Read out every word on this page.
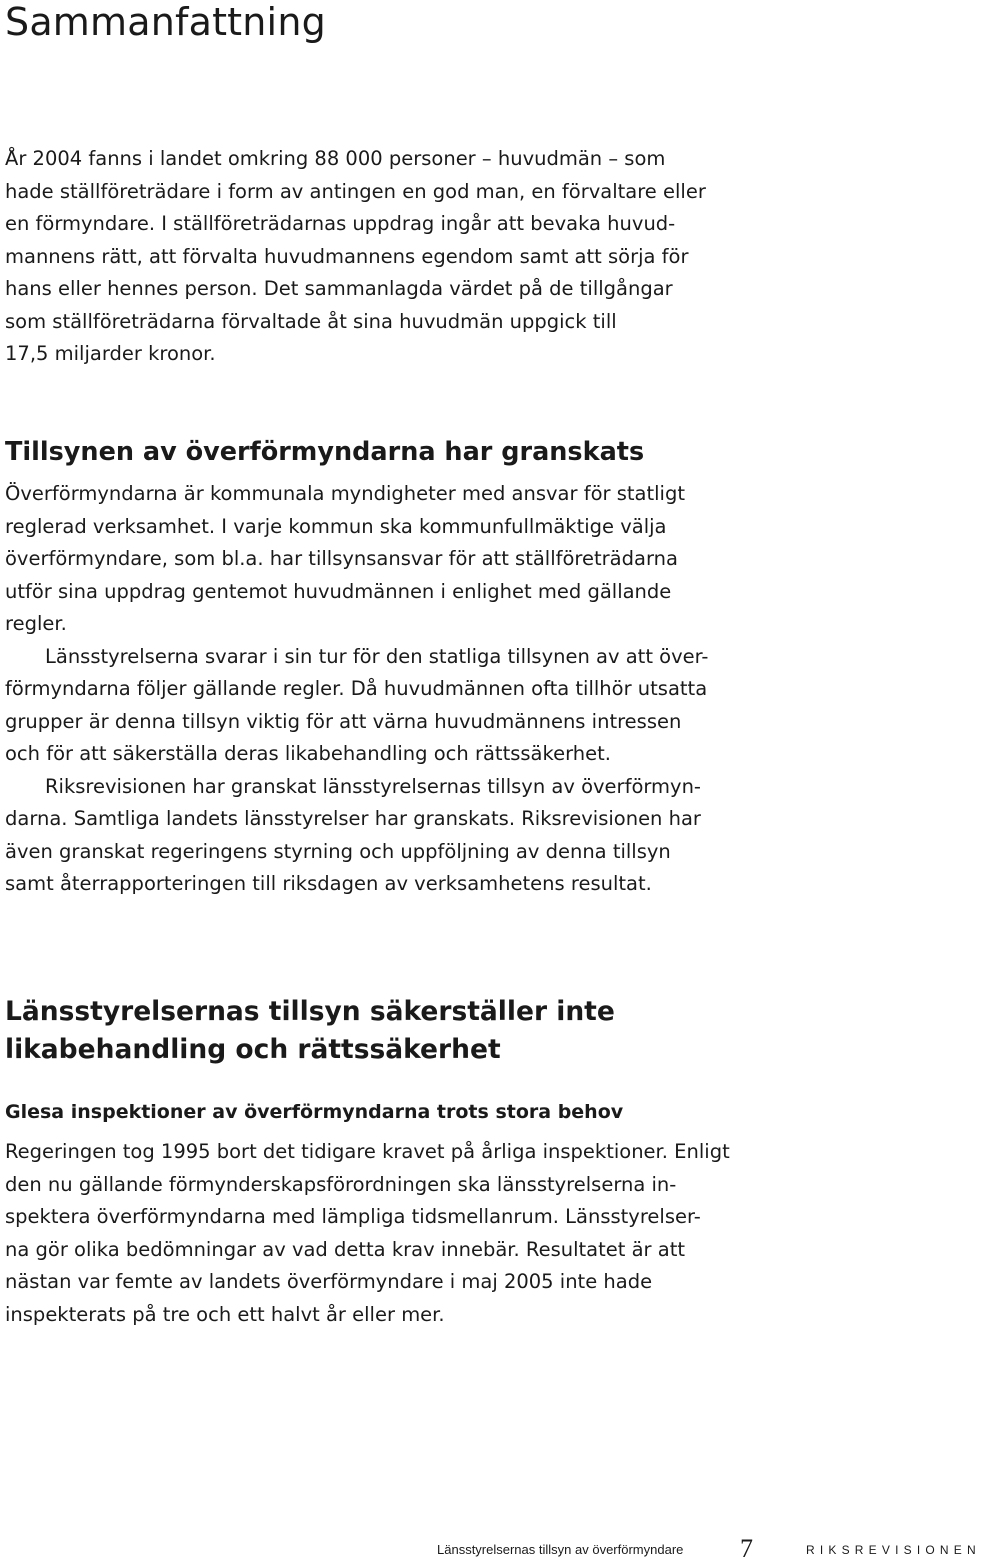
Sammanfattning

År 2004 fanns i landet omkring 88 000 personer – huvudmän – som
hade ställföreträdare i form av antingen en god man, en förvaltare eller
en förmyndare. I ställföreträdarnas uppdrag ingår att bevaka huvud-
mannens rätt, att förvalta huvudmannens egendom samt att sörja för
hans eller hennes person. Det sammanlagda värdet på de tillgångar
som ställföreträdarna förvaltade åt sina huvudmän uppgick till
17,5 miljarder kronor.

Tillsynen av överförmyndarna har granskats

Överförmyndarna är kommunala myndigheter med ansvar för statligt
reglerad verksamhet. I varje kommun ska kommunfullmäktige välja
överförmyndare, som bl.a. har tillsynsansvar för att ställföreträdarna
utför sina uppdrag gentemot huvudmännen i enlighet med gällande
regler.

Länsstyrelserna svarar i sin tur för den statliga tillsynen av att över-
förmyndarna följer gällande regler. Då huvudmännen ofta tillhör utsatta
grupper är denna tillsyn viktig för att värna huvudmännens intressen
och för att säkerställa deras likabehandling och rättssäkerhet.

Riksrevisionen har granskat länsstyrelsernas tillsyn av överförmyn-
darna. Samtliga landets länsstyrelser har granskats. Riksrevisionen har
även granskat regeringens styrning och uppföljning av denna tillsyn
samt återrapporteringen till riksdagen av verksamhetens resultat.

Länsstyrelsernas tillsyn säkerställer inte
likabehandling och rättssäkerhet
Glesa inspektioner av överförmyndarna trots stora behov

Regeringen tog 1995 bort det tidigare kravet på årliga inspektioner. Enligt
den nu gällande förmynderskapsförordningen ska länsstyrelserna in-
spektera överförmyndarna med lämpliga tidsmellanrum. Länsstyrelser-
na gör olika bedömningar av vad detta krav innebär. Resultatet är att
nästan var femte av landets överförmyndare i maj 2005 inte hade
inspekterats på tre och ett halvt år eller mer.

Länsstyrelsernas tillsyn av överförmyndare 7	RIKSREVISIONEN
